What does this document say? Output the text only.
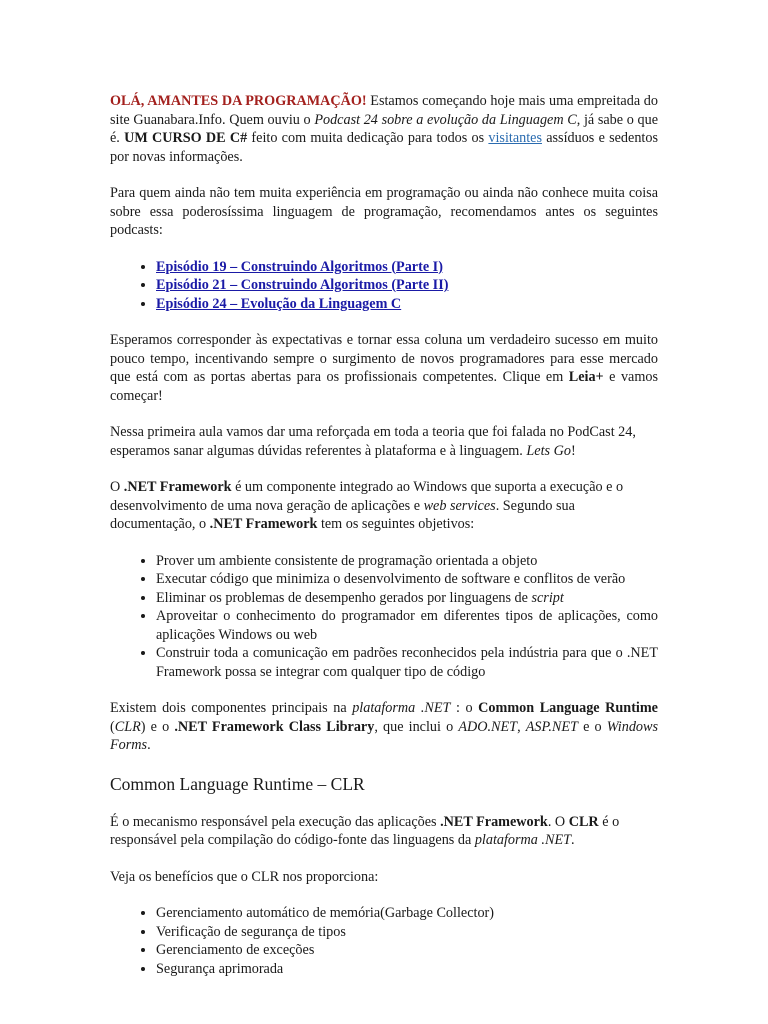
OLÁ, AMANTES DA PROGRAMAÇÃO! Estamos começando hoje mais uma empreitada do site Guanabara.Info. Quem ouviu o Podcast 24 sobre a evolução da Linguagem C, já sabe o que é. UM CURSO DE C# feito com muita dedicação para todos os visitantes assíduos e sedentos por novas informações.

Para quem ainda não tem muita experiência em programação ou ainda não conhece muita coisa sobre essa poderosíssima linguagem de programação, recomendamos antes os seguintes podcasts:

• Episódio 19 – Construindo Algoritmos (Parte I)
• Episódio 21 – Construindo Algoritmos (Parte II)
• Episódio 24 – Evolução da Linguagem C

Esperamos corresponder às expectativas e tornar essa coluna um verdadeiro sucesso em muito pouco tempo, incentivando sempre o surgimento de novos programadores para esse mercado que está com as portas abertas para os profissionais competentes. Clique em Leia+ e vamos começar!

Nessa primeira aula vamos dar uma reforçada em toda a teoria que foi falada no PodCast 24, esperamos sanar algumas dúvidas referentes à plataforma e à linguagem. Lets Go!

O .NET Framework é um componente integrado ao Windows que suporta a execução e o desenvolvimento de uma nova geração de aplicações e web services. Segundo sua documentação, o .NET Framework tem os seguintes objetivos:

• Prover um ambiente consistente de programação orientada a objeto
• Executar código que minimiza o desenvolvimento de software e conflitos de verão
• Eliminar os problemas de desempenho gerados por linguagens de script
• Aproveitar o conhecimento do programador em diferentes tipos de aplicações, como aplicações Windows ou web
• Construir toda a comunicação em padrões reconhecidos pela indústria para que o .NET Framework possa se integrar com qualquer tipo de código

Existem dois componentes principais na plataforma .NET : o Common Language Runtime (CLR) e o .NET Framework Class Library, que inclui o ADO.NET, ASP.NET e o Windows Forms.

Common Language Runtime – CLR

É o mecanismo responsável pela execução das aplicações .NET Framework. O CLR é o responsável pela compilação do código-fonte das linguagens da plataforma .NET.

Veja os benefícios que o CLR nos proporciona:

• Gerenciamento automático de memória(Garbage Collector)
• Verificação de segurança de tipos
• Gerenciamento de exceções
• Segurança aprimorada
